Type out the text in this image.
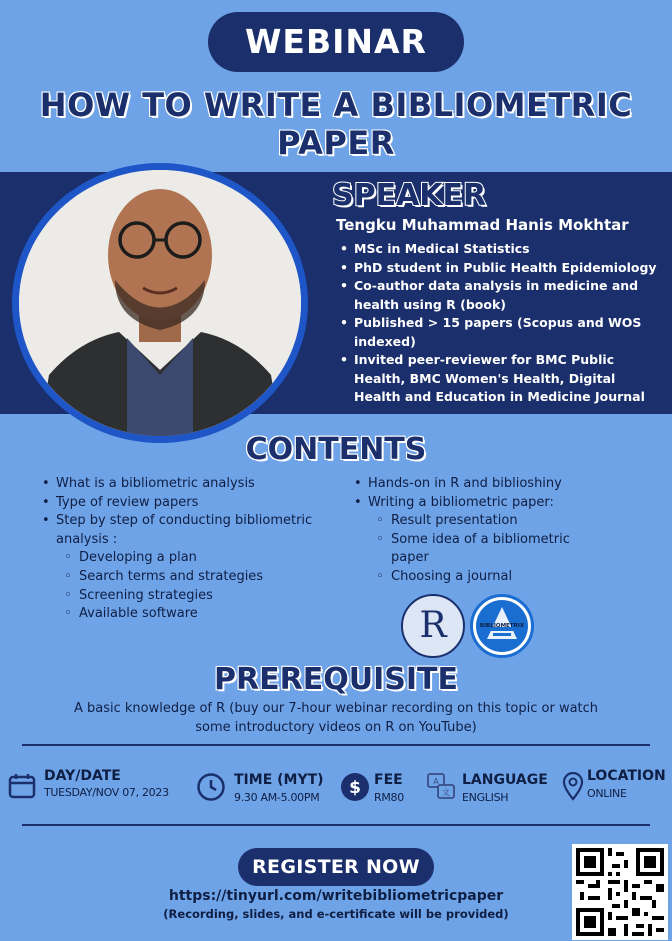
WEBINAR
HOW TO WRITE A BIBLIOMETRIC
PAPER
SPEAKER
Tengku Muhammad Hanis Mokhtar
• MSc in Medical Statistics
• PhD student in Public Health Epidemiology
• Co-author data analysis in medicine and health using R (book)
• Published > 15 papers (Scopus and WOS indexed)
• Invited peer-reviewer for BMC Public Health, BMC Women's Health, Digital Health and Education in Medicine Journal
CONTENTS
• What is a bibliometric analysis
• Type of review papers
• Step by step of conducting bibliometric
analysis :
◦ Developing a plan
◦ Search terms and strategies
◦ Screening strategies
◦ Available software
• Hands-on in R and biblioshiny
• Writing a bibliometric paper:
◦ Result presentation
◦ Some idea of a bibliometric
paper
◦ Choosing a journal
R	BIBLIOMETRIX
PREREQUISITE
A basic knowledge of R (buy our 7-hour webinar recording on this topic or watch some introductory videos on R on YouTube)
DAY/DATE
TUESDAY/NOV 07, 2023
TIME (MYT)
9.30 AM-5.00PM $ FEE
RM80
A
文
LANGUAGE
ENGLISH
LOCATION
ONLINE
REGISTER NOW
https://tinyurl.com/writebibliometricpaper
(Recording, slides, and e-certificate will be provided)
